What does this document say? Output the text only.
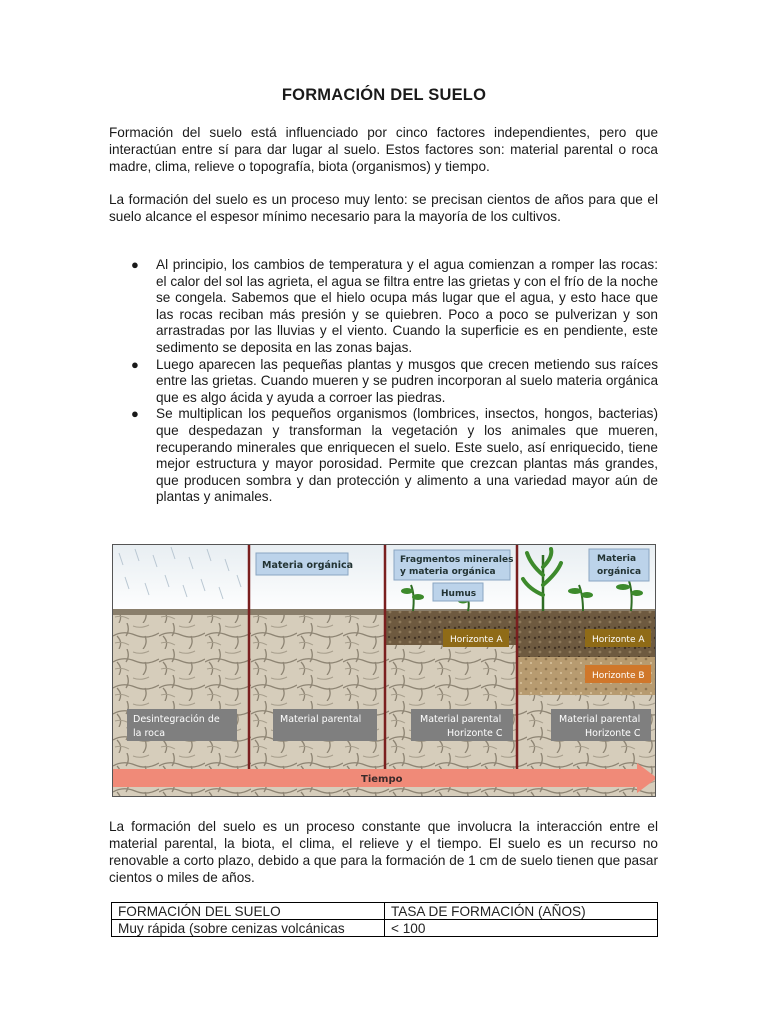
FORMACIÓN DEL SUELO

Formación del suelo está influenciado por cinco factores independientes, pero que interactúan entre sí para dar lugar al suelo. Estos factores son: material parental o roca madre, clima, relieve o topografía, biota (organismos) y tiempo.

La formación del suelo es un proceso muy lento: se precisan cientos de años para que el suelo alcance el espesor mínimo necesario para la mayoría de los cultivos.

● Al principio, los cambios de temperatura y el agua comienzan a romper las rocas: el calor del sol las agrieta, el agua se filtra entre las grietas y con el frío de la noche se congela. Sabemos que el hielo ocupa más lugar que el agua, y esto hace que las rocas reciban más presión y se quiebren. Poco a poco se pulverizan y son arrastradas por las lluvias y el viento. Cuando la superficie es en pendiente, este sedimento se deposita en las zonas bajas.
● Luego aparecen las pequeñas plantas y musgos que crecen metiendo sus raíces entre las grietas. Cuando mueren y se pudren incorporan al suelo materia orgánica que es algo ácida y ayuda a corroer las piedras.
● Se multiplican los pequeños organismos (lombrices, insectos, hongos, bacterias) que despedazan y transforman la vegetación y los animales que mueren, recuperando minerales que enriquecen el suelo. Este suelo, así enriquecido, tiene mejor estructura y mayor porosidad. Permite que crezcan plantas más grandes, que producen sombra y dan protección y alimento a una variedad mayor aún de plantas y animales.
Materia orgánica	Fragmentos minerales
y materia orgánica
Humus
Materia
orgánica
Horizonte A	Horizonte A
Horizonte B
Desintegración de
la roca
Material parental	Material parental
Horizonte C
Material parental
Horizonte C
Tiempo

La formación del suelo es un proceso constante que involucra la interacción entre el material parental, la biota, el clima, el relieve y el tiempo. El suelo es un recurso no renovable a corto plazo, debido a que para la formación de 1 cm de suelo tienen que pasar cientos o miles de años.

FORMACIÓN DEL SUELO	TASA DE FORMACIÓN (AÑOS)
Muy rápida (sobre cenizas volcánicas	< 100
